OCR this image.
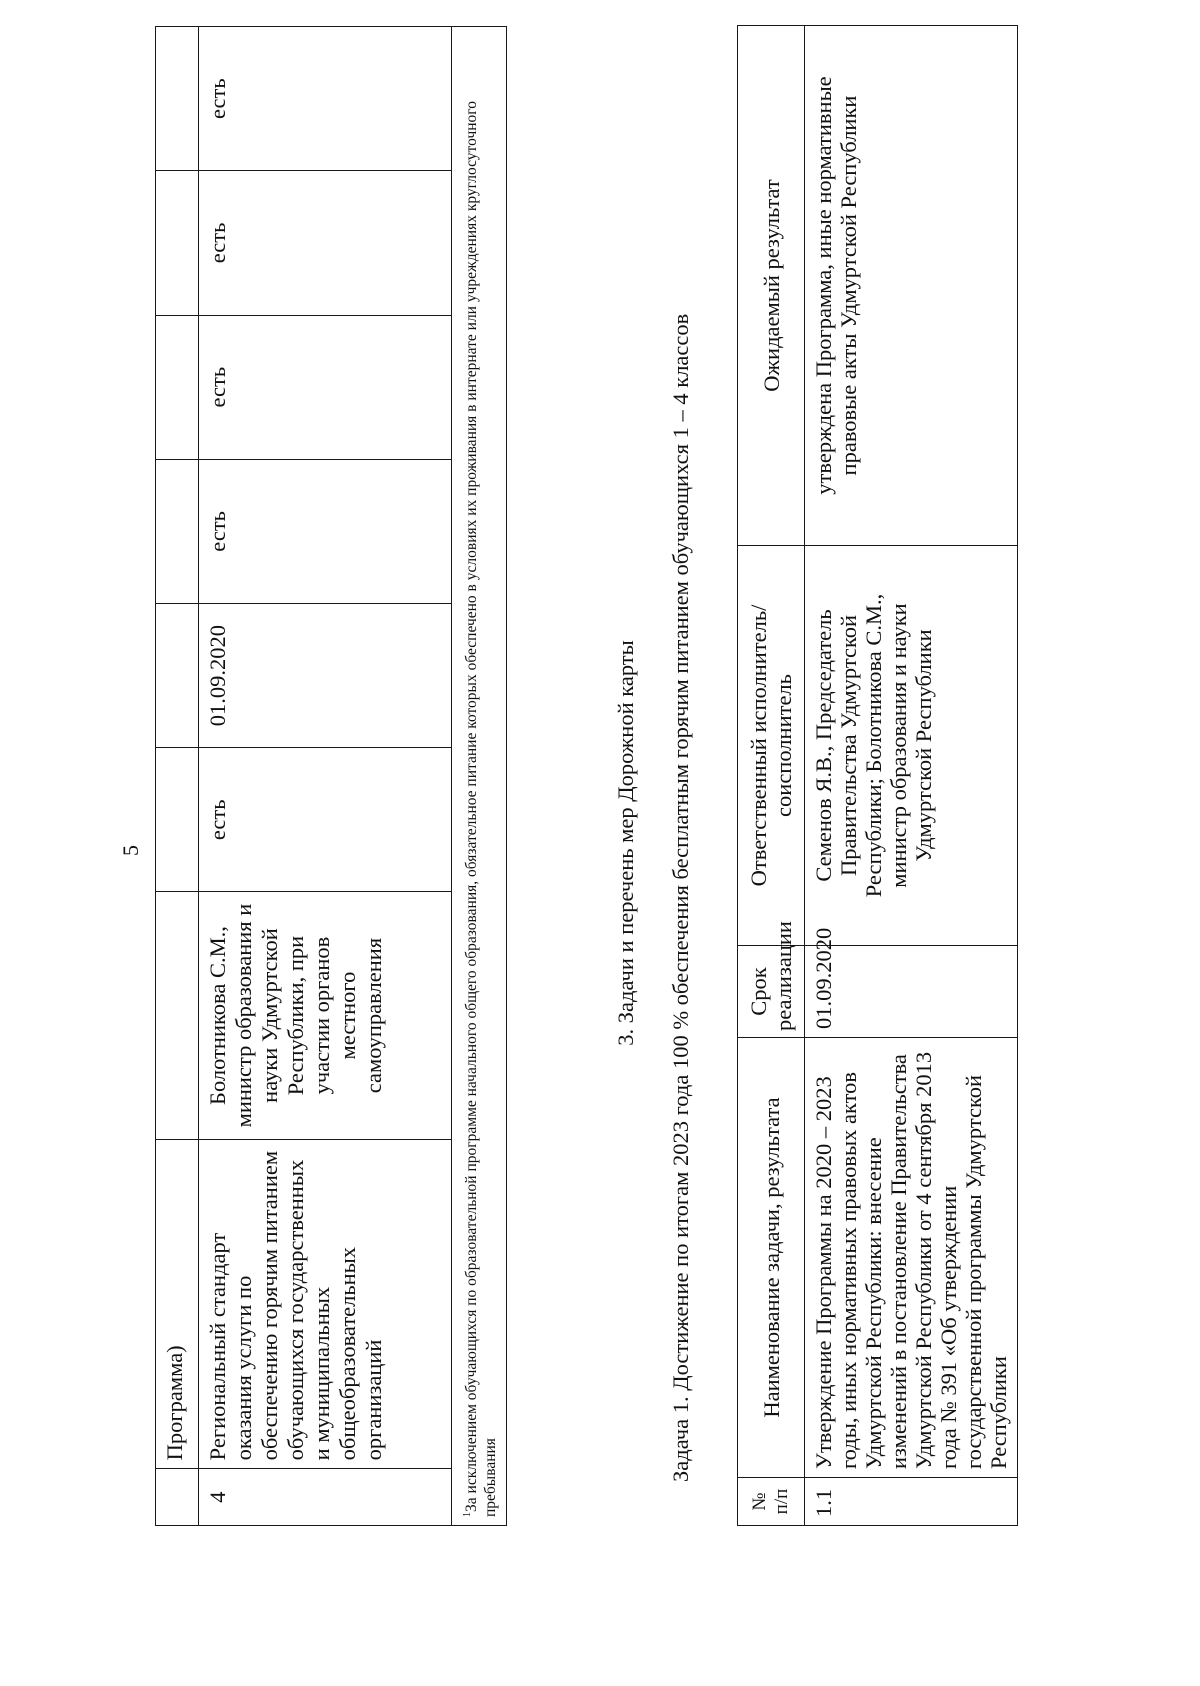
5
	Программа)							
4	Региональный стандарт оказания услуги по обеспечению горячим питанием обучающихся государственных и муниципальных общеобразовательных организаций	Болотникова С.М., министр образования и науки Удмуртской Республики, при участии органов местного самоуправления	есть	01.09.2020	есть	есть	есть	есть
$^1$За исключением обучающихся по образовательной программе начального общего образования, обязательное питание которых обеспечено в условиях их проживания в интернате или учреждениях круглосуточного пребывания								
3. Задачи и перечень мер Дорожной карты Задача 1. Достижение по итогам 2023 года 100 % обеспечения бесплатным горячим питанием обучающихся 1 – 4 классов

№ п/п	Наименование задачи, результата	Срок реализации	Ответственный исполнитель/соисполнитель	Ожидаемый результат
1.1	Утверждение Программы на 2020 – 2023 годы, иных нормативных правовых актов Удмуртской Республики: внесение изменений в постановление Правительства Удмуртской Республики от 4 сентября 2013 года № 391 «Об утверждении государственной программы Удмуртской Республики	01.09.2020	Семенов Я.В., Председатель Правительства Удмуртской Республики; Болотникова С.М., министр образования и науки Удмуртской Республики	утверждена Программа, иные нормативные правовые акты Удмуртской Республики
